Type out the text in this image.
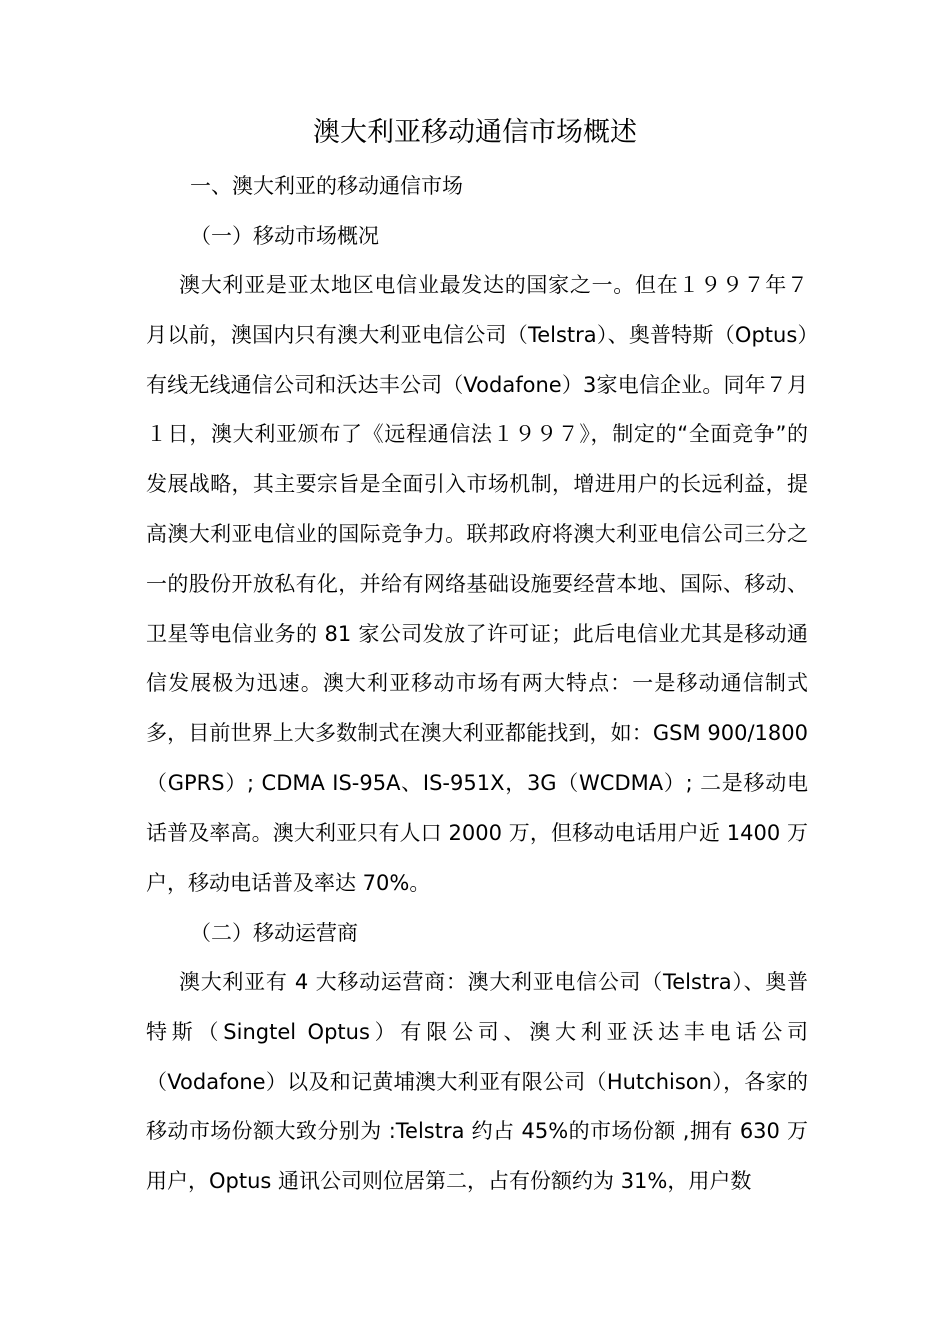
澳大利亚移动通信市场概述
一、澳大利亚的移动通信市场
（一）移动市场概况

澳大利亚是亚太地区电信业最发达的国家之一。但在１９９７年７月以前，澳国内只有澳大利亚电信公司（Telstra）、奥普特斯（Optus）有线无线通信公司和沃达丰公司（Vodafone）3家电信企业。同年７月１日，澳大利亚颁布了《远程通信法１９９７》，制定的“全面竞争”的发展战略，其主要宗旨是全面引入市场机制，增进用户的长远利益，提高澳大利亚电信业的国际竞争力。联邦政府将澳大利亚电信公司三分之一的股份开放私有化，并给有网络基础设施要经营本地、国际、移动、卫星等电信业务的 81 家公司发放了许可证；此后电信业尤其是移动通信发展极为迅速。澳大利亚移动市场有两大特点：一是移动通信制式多，目前世界上大多数制式在澳大利亚都能找到，如：GSM 900/1800（GPRS）; CDMA IS-95A、IS-951X，3G（WCDMA）; 二是移动电话普及率高。澳大利亚只有人口 2000 万，但移动电话用户近 1400 万户，移动电话普及率达 70%。

（二）移动运营商

澳大利亚有 4 大移动运营商：澳大利亚电信公司（Telstra）、奥普特斯（Singtel Optus）有限公司、澳大利亚沃达丰电话公司（Vodafone）以及和记黄埔澳大利亚有限公司（Hutchison），各家的移动市场份额大致分别为 :Telstra 约占 45%的市场份额 ,拥有 630 万用户，Optus 通讯公司则位居第二，占有份额约为 31%，用户数
